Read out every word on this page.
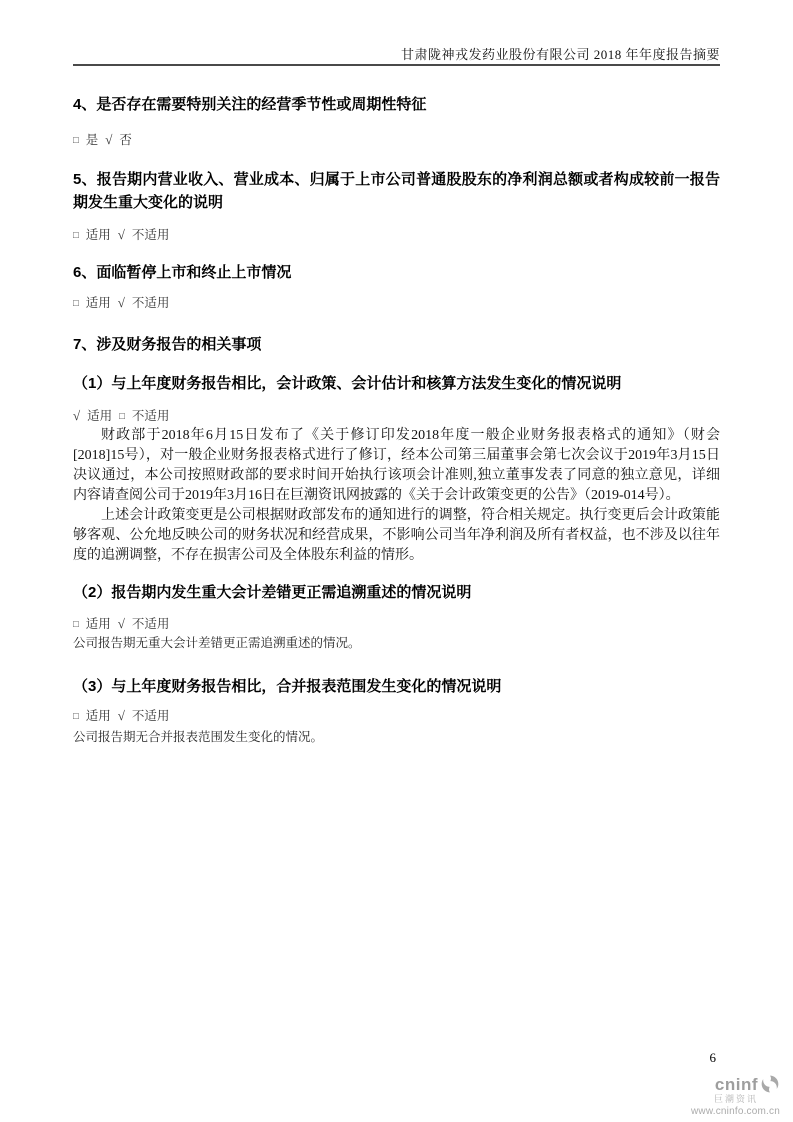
甘肃陇神戎发药业股份有限公司 2018 年年度报告摘要
4、是否存在需要特别关注的经营季节性或周期性特征
□ 是 √ 否
5、报告期内营业收入、营业成本、归属于上市公司普通股股东的净利润总额或者构成较前一报告期发生重大变化的说明
□ 适用 √ 不适用
6、面临暂停上市和终止上市情况
□ 适用 √ 不适用
7、涉及财务报告的相关事项
（1）与上年度财务报告相比，会计政策、会计估计和核算方法发生变化的情况说明
√ 适用 □ 不适用

财政部于2018年6月15日发布了《关于修订印发2018年度一般企业财务报表格式的通知》（财会[2018]15号），对一般企业财务报表格式进行了修订，经本公司第三届董事会第七次会议于2019年3月15日决议通过，本公司按照财政部的要求时间开始执行该项会计准则,独立董事发表了同意的独立意见，详细内容请查阅公司于2019年3月16日在巨潮资讯网披露的《关于会计政策变更的公告》（2019-014号）。

上述会计政策变更是公司根据财政部发布的通知进行的调整，符合相关规定。执行变更后会计政策能够客观、公允地反映公司的财务状况和经营成果，不影响公司当年净利润及所有者权益，也不涉及以往年度的追溯调整，不存在损害公司及全体股东利益的情形。

（2）报告期内发生重大会计差错更正需追溯重述的情况说明
□ 适用 √ 不适用
公司报告期无重大会计差错更正需追溯重述的情况。
（3）与上年度财务报告相比，合并报表范围发生变化的情况说明
□ 适用 √ 不适用
公司报告期无合并报表范围发生变化的情况。
6
cninf
巨潮资讯
www.cninfo.com.cn
